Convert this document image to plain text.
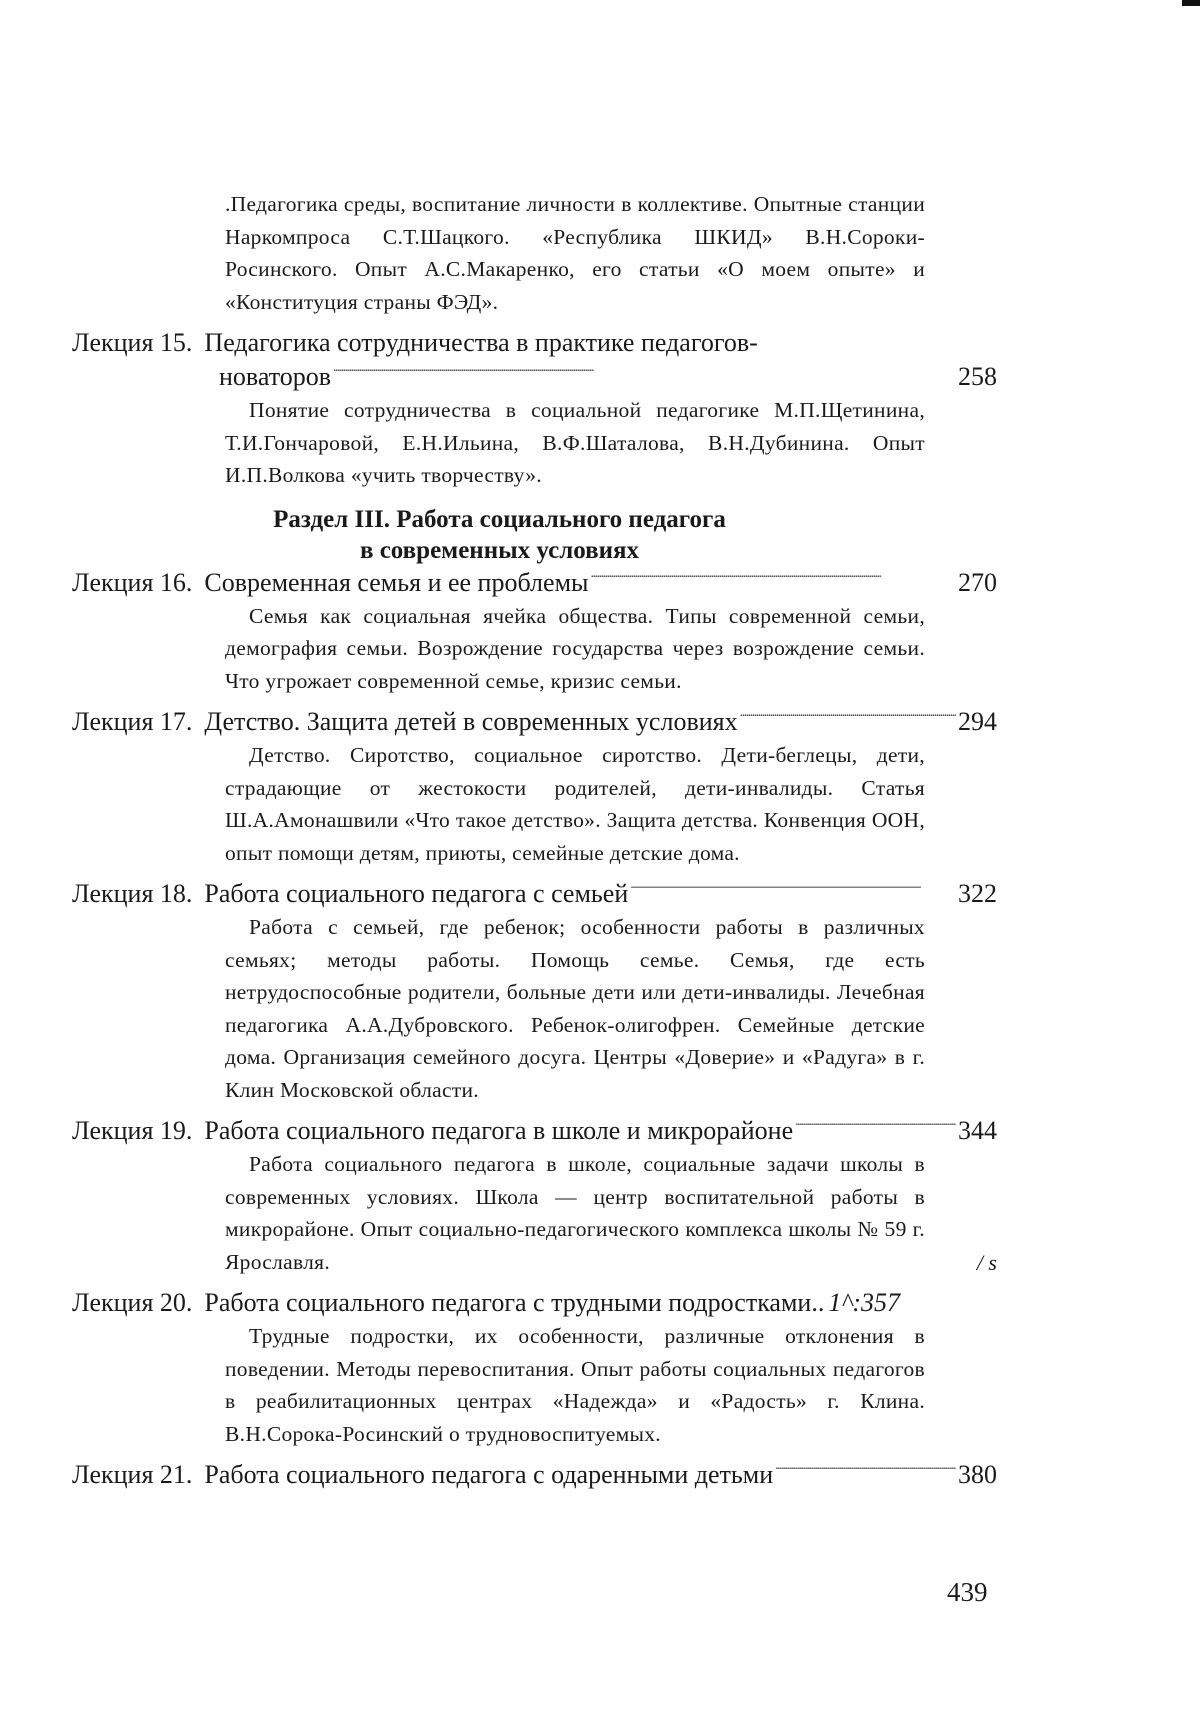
.Педагогика среды, воспитание личности в коллективе. Опытные станции Наркомпроса С.Т.Шацкого. «Республика ШКИД» В.Н.Сороки-Росинского. Опыт А.С.Макаренко, его статьи «О моем опыте» и «Конституция страны ФЭД».

Лекция 15. Педагогика сотрудничества в практике педагогов-
новаторов . . .	258

Понятие сотрудничества в социальной педагогике М.П.Щетинина, Т.И.Гончаровой, Е.Н.Ильина, В.Ф.Шаталова, В.Н.Дубинина. Опыт И.П.Волкова «учить творчеству».

Раздел III. Работа социального педагога
в современных условиях
Лекция 16. Современная семья и ее проблемы . . .	270

Семья как социальная ячейка общества. Типы современной семьи, демография семьи. Возрождение государства через возрождение семьи. Что угрожает современной семье, кризис семьи.

Лекция 17. Детство. Защита детей в современных условиях . . .	294

Детство. Сиротство, социальное сиротство. Дети-беглецы, дети, страдающие от жестокости родителей, дети-инвалиды. Статья Ш.А.Амонашвили «Что такое детство». Защита детства. Конвенция ООН, опыт помощи детям, приюты, семейные детские дома.

Лекция 18. Работа социального педагога с семьей . . .	322

Работа с семьей, где ребенок; особенности работы в различных семьях; методы работы. Помощь семье. Семья, где есть нетрудоспособные родители, больные дети или дети-инвалиды. Лечебная педагогика А.А.Дубровского. Ребенок-олигофрен. Семейные детские дома. Организация семейного досуга. Центры «Доверие» и «Радуга» в г. Клин Московской области.

Лекция 19. Работа социального педагога в школе и микрорайоне . . .	344

Работа социального педагога в школе, социальные задачи школы в современных условиях. Школа — центр воспитательной работы в микрорайоне. Опыт социально-педагогического комплекса школы № 59 г. Ярославля.	/ s
Лекция 20. Работа социального педагога с трудными подростками.. 1^:357

Трудные подростки, их особенности, различные отклонения в поведении. Методы перевоспитания. Опыт работы социальных педагогов в реабилитационных центрах «Надежда» и «Радость» г. Клина. В.Н.Сорока-Росинский о трудновоспитуемых.

Лекция 21. Работа социального педагога с одаренными детьми . . .	380
439
